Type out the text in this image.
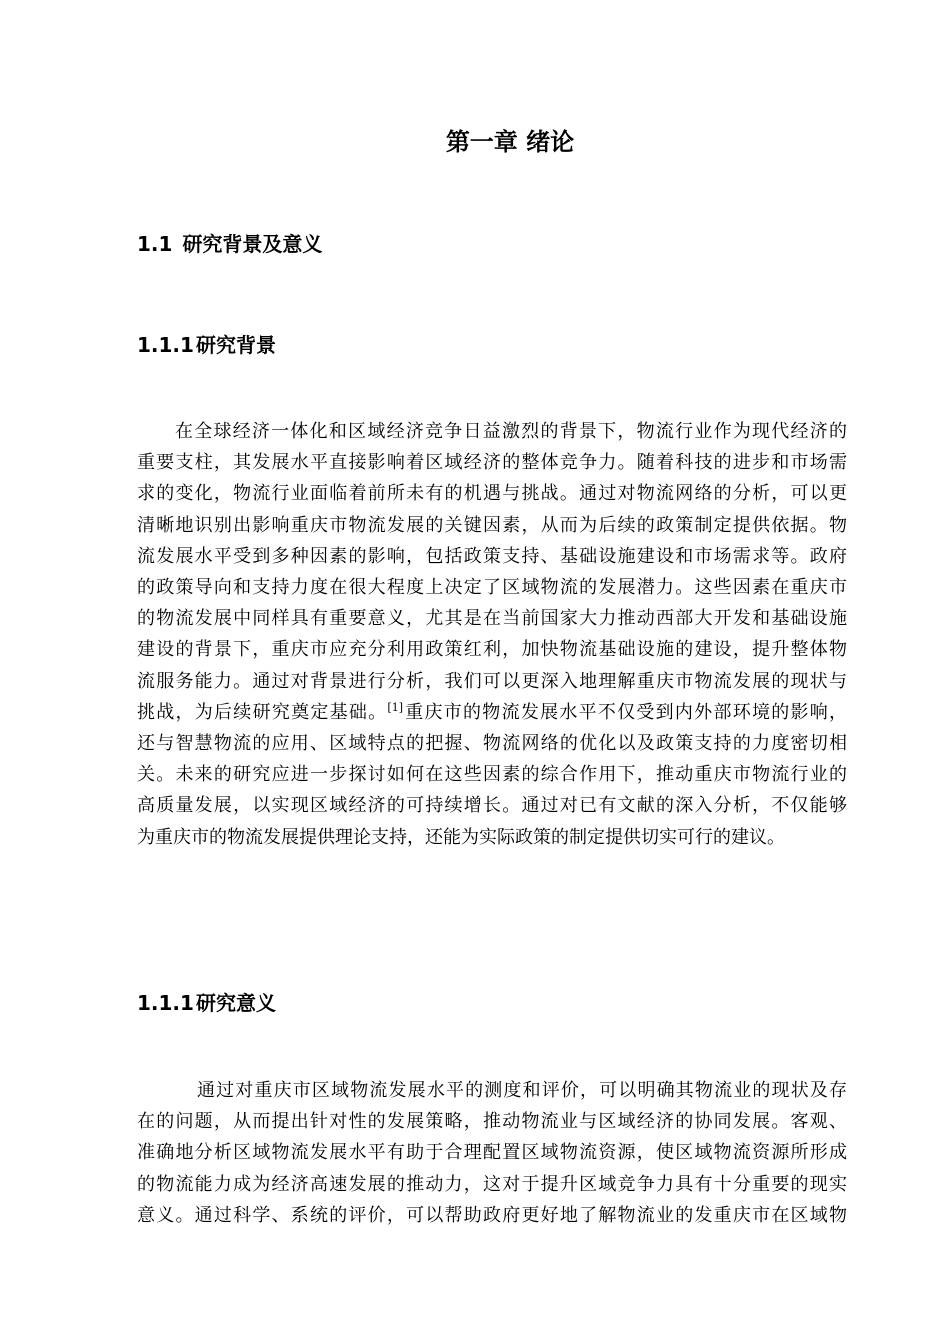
第一章 绪论
1.1 研究背景及意义
1.1.1 研究背景
在全球经济一体化和区域经济竞争日益激烈的背景下，物流行业作为现代经济的
重要支柱，其发展水平直接影响着区域经济的整体竞争力。随着科技的进步和市场需
求的变化，物流行业面临着前所未有的机遇与挑战。通过对物流网络的分析，可以更
清晰地识别出影响重庆市物流发展的关键因素，从而为后续的政策制定提供依据。物
流发展水平受到多种因素的影响，包括政策支持、基础设施建设和市场需求等。政府
的政策导向和支持力度在很大程度上决定了区域物流的发展潜力。这些因素在重庆市
的物流发展中同样具有重要意义，尤其是在当前国家大力推动西部大开发和基础设施
建设的背景下，重庆市应充分利用政策红利，加快物流基础设施的建设，提升整体物
流服务能力。通过对背景进行分析，我们可以更深入地理解重庆市物流发展的现状与
挑战，为后续研究奠定基础。[1]重庆市的物流发展水平不仅受到内外部环境的影响，
还与智慧物流的应用、区域特点的把握、物流网络的优化以及政策支持的力度密切相
关。未来的研究应进一步探讨如何在这些因素的综合作用下，推动重庆市物流行业的
高质量发展，以实现区域经济的可持续增长。通过对已有文献的深入分析，不仅能够
为重庆市的物流发展提供理论支持，还能为实际政策的制定提供切实可行的建议。
1.1.1 研究意义
通过对重庆市区域物流发展水平的测度和评价，可以明确其物流业的现状及存
在的问题，从而提出针对性的发展策略，推动物流业与区域经济的协同发展。客观、
准确地分析区域物流发展水平有助于合理配置区域物流资源，使区域物流资源所形成
的物流能力成为经济高速发展的推动力，这对于提升区域竞争力具有十分重要的现实
意义。通过科学、系统的评价，可以帮助政府更好地了解物流业的发重庆市在区域物
